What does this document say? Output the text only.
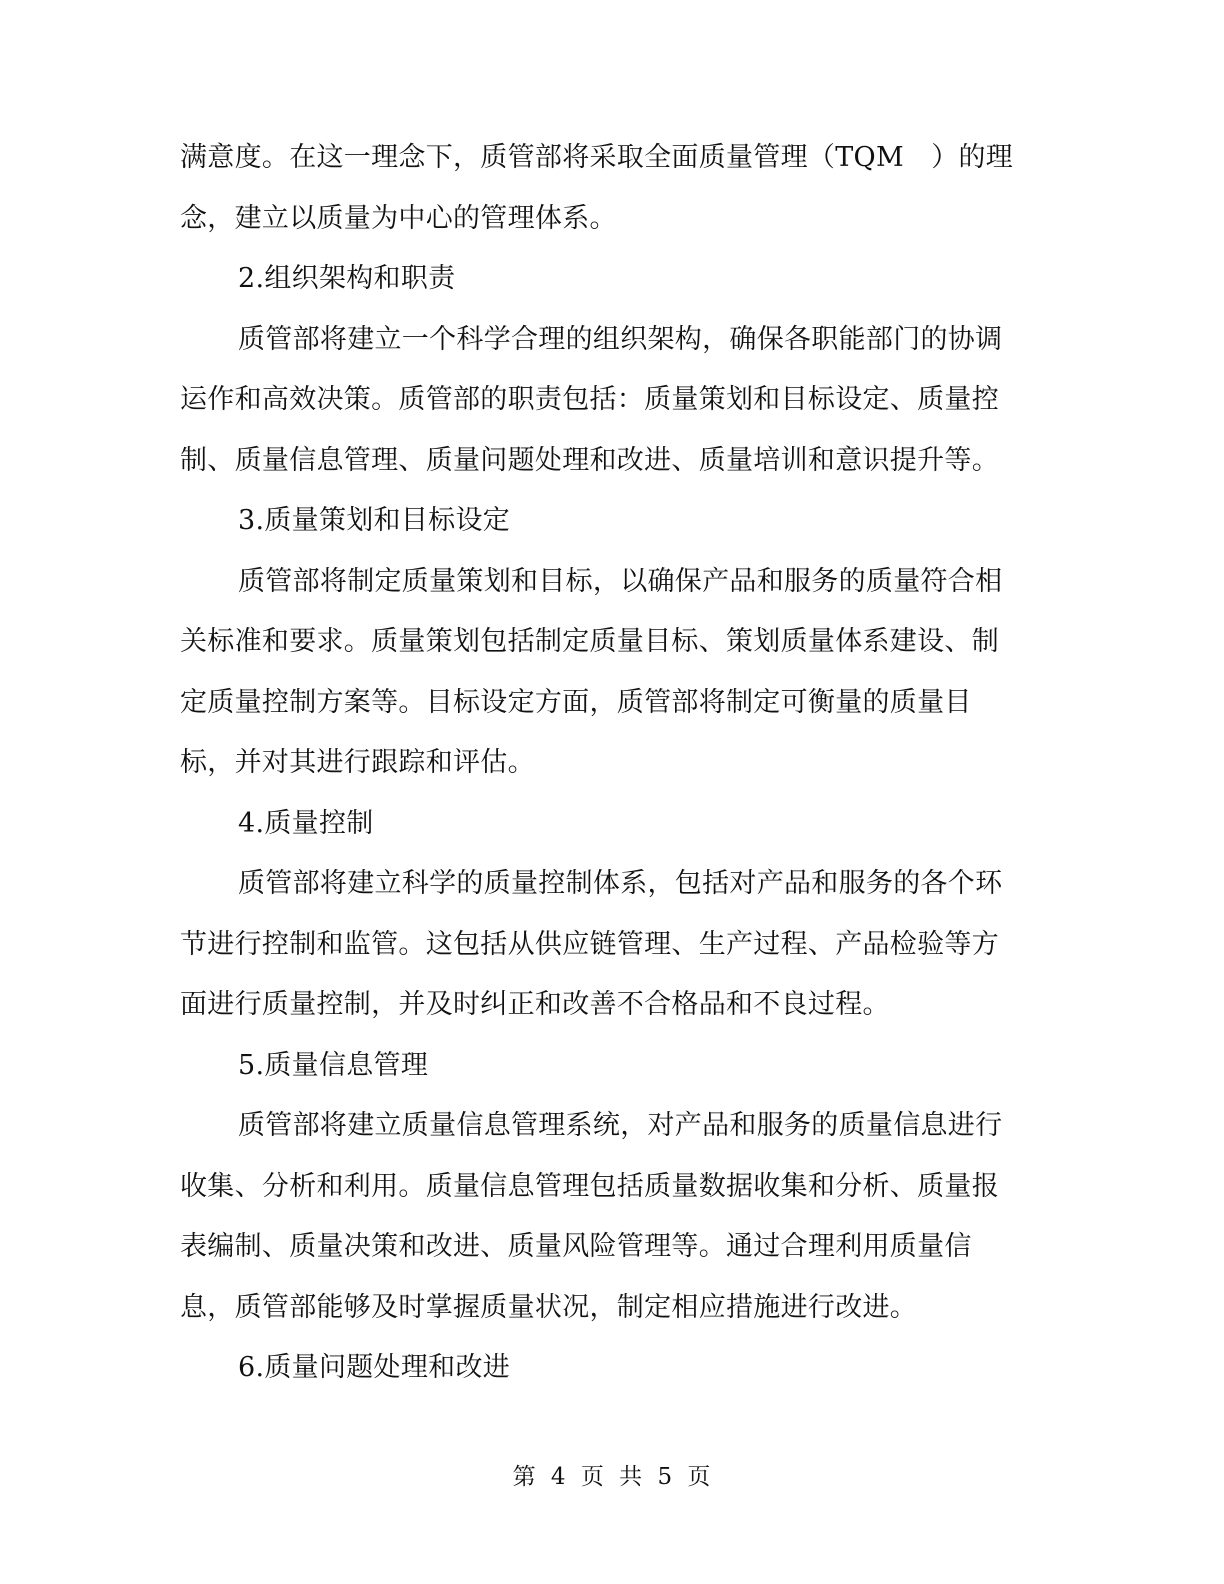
满意度。在这一理念下，质管部将采取全面质量管理（TQM　）的理
念，建立以质量为中心的管理体系。
2.组织架构和职责
质管部将建立一个科学合理的组织架构，确保各职能部门的协调
运作和高效决策。质管部的职责包括：质量策划和目标设定、质量控
制、质量信息管理、质量问题处理和改进、质量培训和意识提升等。
3.质量策划和目标设定
质管部将制定质量策划和目标，以确保产品和服务的质量符合相
关标准和要求。质量策划包括制定质量目标、策划质量体系建设、制
定质量控制方案等。目标设定方面，质管部将制定可衡量的质量目
标，并对其进行跟踪和评估。
4.质量控制
质管部将建立科学的质量控制体系，包括对产品和服务的各个环
节进行控制和监管。这包括从供应链管理、生产过程、产品检验等方
面进行质量控制，并及时纠正和改善不合格品和不良过程。
5.质量信息管理
质管部将建立质量信息管理系统，对产品和服务的质量信息进行
收集、分析和利用。质量信息管理包括质量数据收集和分析、质量报
表编制、质量决策和改进、质量风险管理等。通过合理利用质量信
息，质管部能够及时掌握质量状况，制定相应措施进行改进。
6.质量问题处理和改进
第 4 页 共 5 页
